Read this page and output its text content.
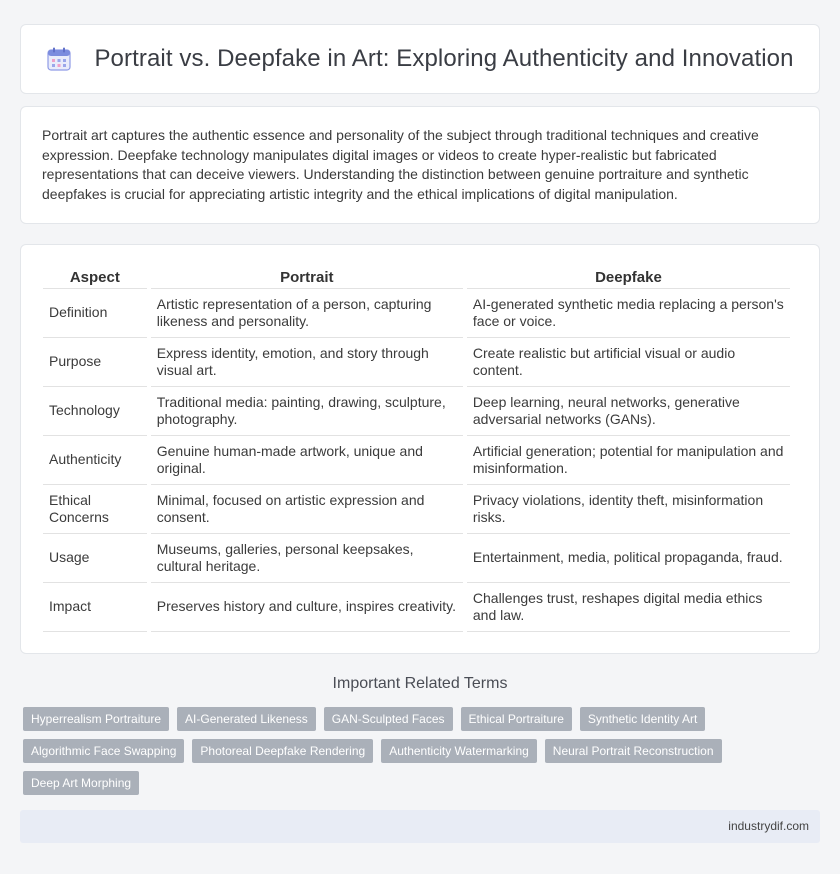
Portrait vs. Deepfake in Art: Exploring Authenticity and Innovation

Portrait art captures the authentic essence and personality of the subject through traditional techniques and creative expression. Deepfake technology manipulates digital images or videos to create hyper-realistic but fabricated representations that can deceive viewers. Understanding the distinction between genuine portraiture and synthetic deepfakes is crucial for appreciating artistic integrity and the ethical implications of digital manipulation.

Aspect	Portrait	Deepfake
Definition	Artistic representation of a person, capturing likeness and personality.	AI-generated synthetic media replacing a person's face or voice.
Purpose	Express identity, emotion, and story through visual art.	Create realistic but artificial visual or audio content.
Technology	Traditional media: painting, drawing, sculpture, photography.	Deep learning, neural networks, generative adversarial networks (GANs).
Authenticity	Genuine human-made artwork, unique and original.	Artificial generation; potential for manipulation and misinformation.
Ethical Concerns	Minimal, focused on artistic expression and consent.	Privacy violations, identity theft, misinformation risks.
Usage	Museums, galleries, personal keepsakes, cultural heritage.	Entertainment, media, political propaganda, fraud.
Impact	Preserves history and culture, inspires creativity.	Challenges trust, reshapes digital media ethics and law.
Important Related Terms
Hyperrealism Portraiture	AI-Generated Likeness	GAN-Sculpted Faces	Ethical Portraiture	Synthetic Identity Art
Algorithmic Face Swapping	Photoreal Deepfake Rendering	Authenticity Watermarking	Neural Portrait Reconstruction
Deep Art Morphing
industrydif.com
